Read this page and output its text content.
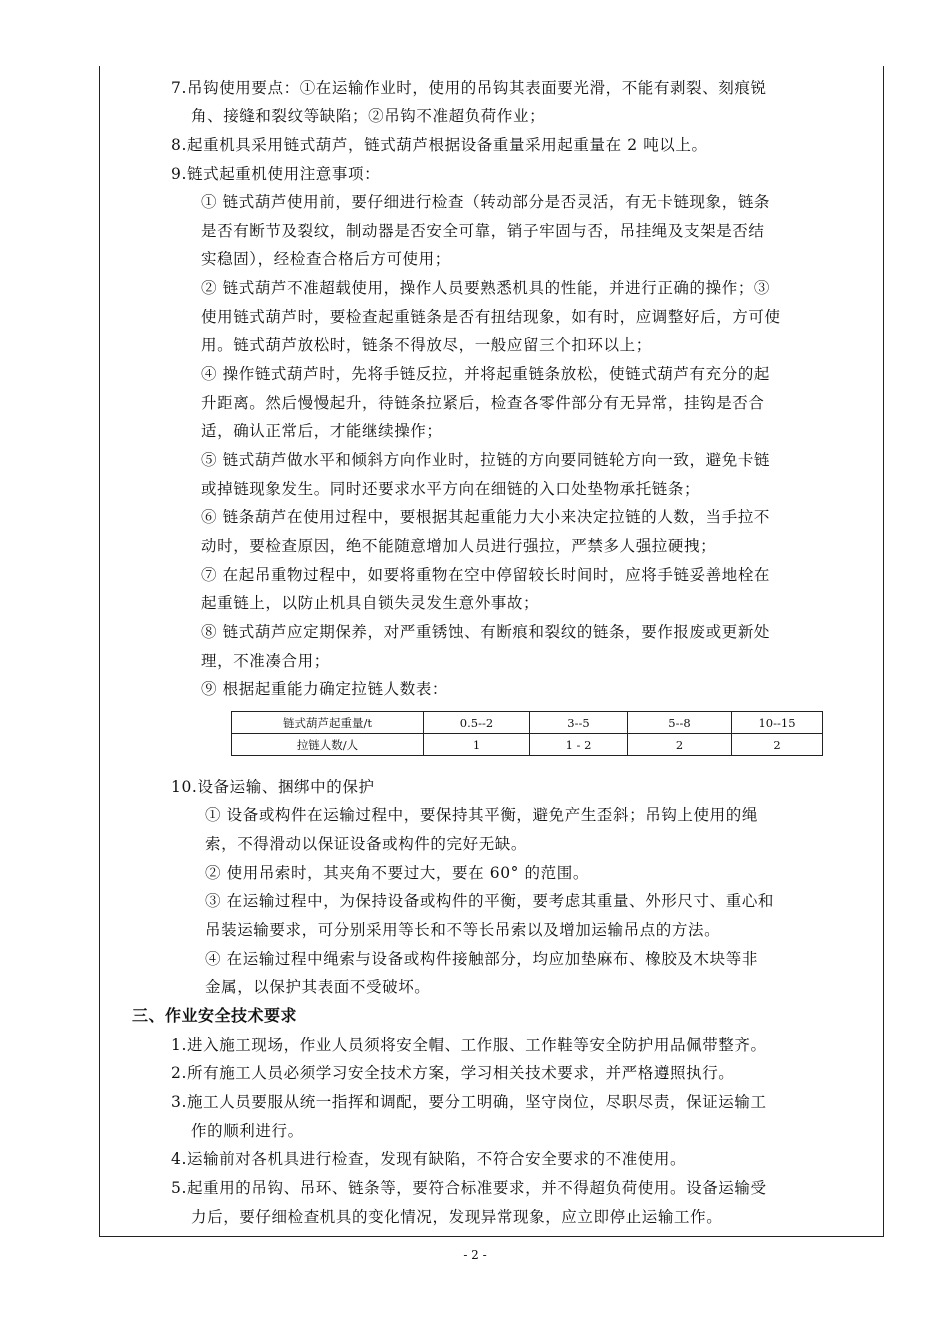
7.吊钩使用要点：①在运输作业时，使用的吊钩其表面要光滑，不能有剥裂、刻痕锐
角、接缝和裂纹等缺陷；②吊钩不准超负荷作业；
8.起重机具采用链式葫芦，链式葫芦根据设备重量采用起重量在 2 吨以上。
9.链式起重机使用注意事项：
① 链式葫芦使用前，要仔细进行检查（转动部分是否灵活，有无卡链现象，链条
是否有断节及裂纹，制动器是否安全可靠，销子牢固与否，吊挂绳及支架是否结
实稳固），经检查合格后方可使用；
② 链式葫芦不准超载使用，操作人员要熟悉机具的性能，并进行正确的操作；③
使用链式葫芦时，要检查起重链条是否有扭结现象，如有时，应调整好后，方可使
用。链式葫芦放松时，链条不得放尽，一般应留三个扣环以上；
④ 操作链式葫芦时，先将手链反拉，并将起重链条放松，使链式葫芦有充分的起
升距离。然后慢慢起升，待链条拉紧后，检查各零件部分有无异常，挂钩是否合
适，确认正常后，才能继续操作；
⑤ 链式葫芦做水平和倾斜方向作业时，拉链的方向要同链轮方向一致，避免卡链
或掉链现象发生。同时还要求水平方向在细链的入口处垫物承托链条；
⑥ 链条葫芦在使用过程中，要根据其起重能力大小来决定拉链的人数，当手拉不
动时，要检查原因，绝不能随意增加人员进行强拉，严禁多人强拉硬拽；
⑦ 在起吊重物过程中，如要将重物在空中停留较长时间时，应将手链妥善地栓在
起重链上，以防止机具自锁失灵发生意外事故；
⑧ 链式葫芦应定期保养，对严重锈蚀、有断痕和裂纹的链条，要作报废或更新处
理，不准凑合用；
⑨ 根据起重能力确定拉链人数表：
链式葫芦起重量/t	0.5--2	3--5	5--8	10--15
拉链人数/人	1	1 - 2	2	2
10.设备运输、捆绑中的保护
① 设备或构件在运输过程中，要保持其平衡，避免产生歪斜；吊钩上使用的绳
索，不得滑动以保证设备或构件的完好无缺。
② 使用吊索时，其夹角不要过大，要在 60° 的范围。
③ 在运输过程中，为保持设备或构件的平衡，要考虑其重量、外形尺寸、重心和
吊装运输要求，可分别采用等长和不等长吊索以及增加运输吊点的方法。
④ 在运输过程中绳索与设备或构件接触部分，均应加垫麻布、橡胶及木块等非
金属，以保护其表面不受破坏。
三、作业安全技术要求
1.进入施工现场，作业人员须将安全帽、工作服、工作鞋等安全防护用品佩带整齐。
2.所有施工人员必须学习安全技术方案，学习相关技术要求，并严格遵照执行。
3.施工人员要服从统一指挥和调配，要分工明确，坚守岗位，尽职尽责，保证运输工
作的顺利进行。
4.运输前对各机具进行检查，发现有缺陷，不符合安全要求的不准使用。
5.起重用的吊钩、吊环、链条等，要符合标准要求，并不得超负荷使用。设备运输受
力后，要仔细检查机具的变化情况，发现异常现象，应立即停止运输工作。
- 2 -
